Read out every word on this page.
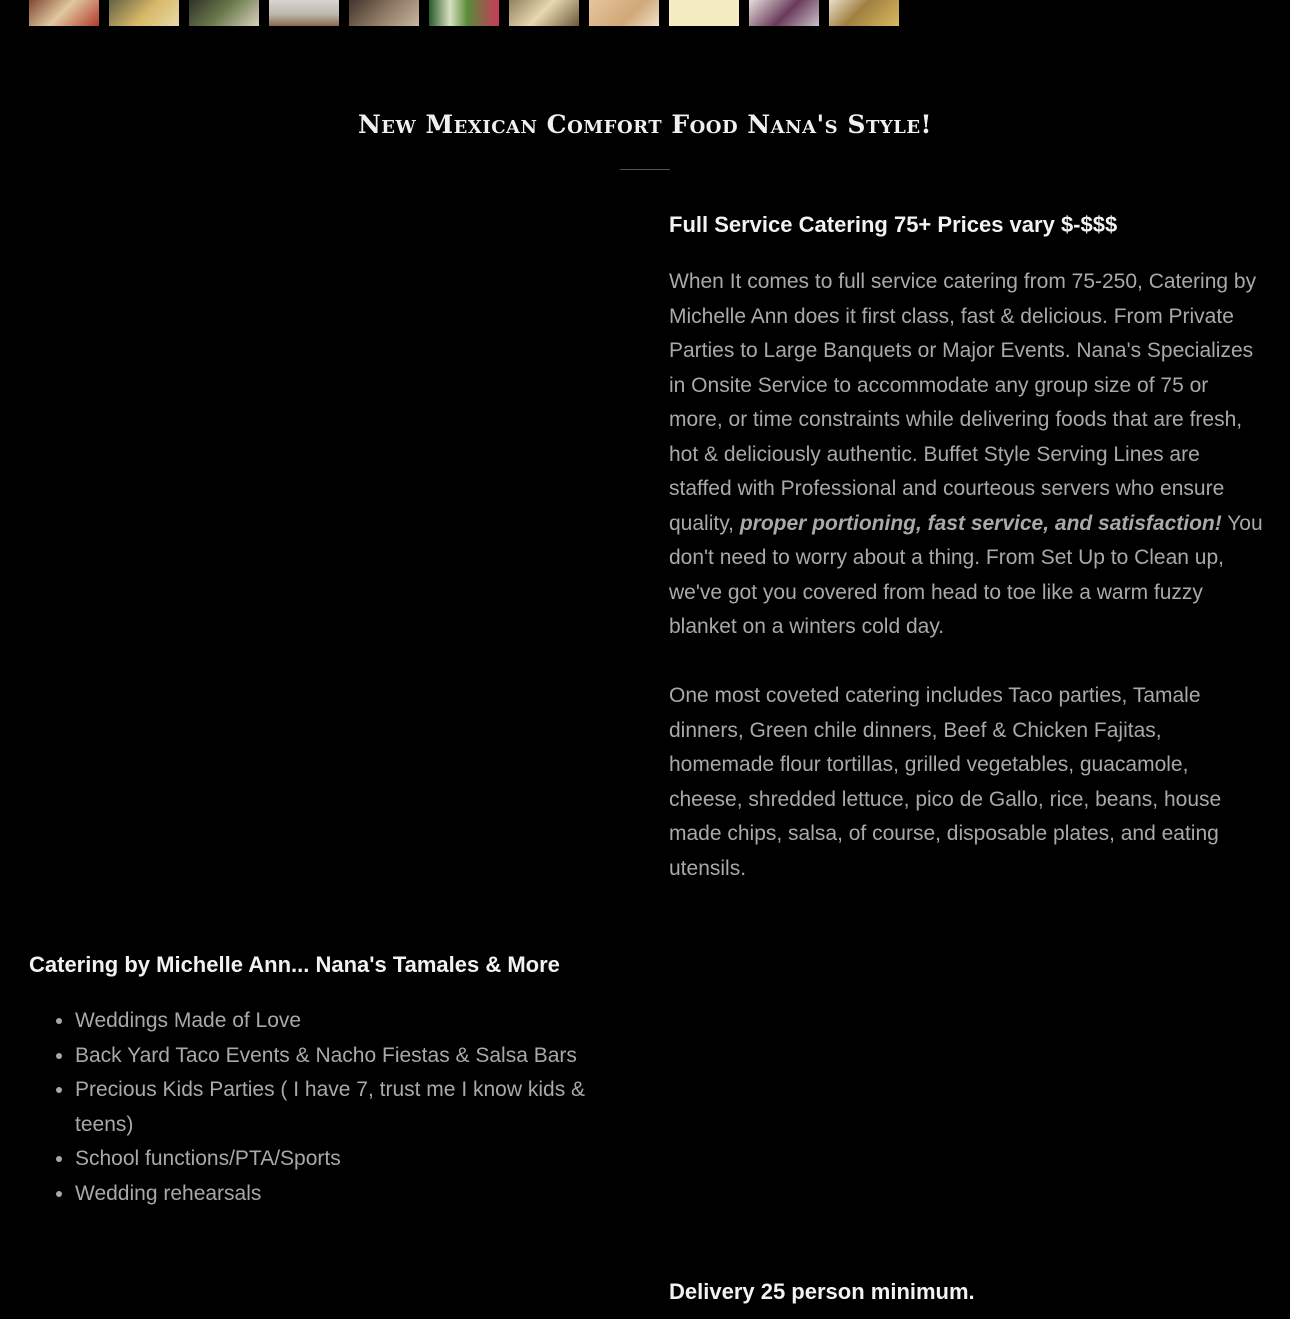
New Mexican Comfort Food Nana's Style!
Full Service Catering 75+ Prices vary $-$$$

When It comes to full service catering from 75-250, Catering by Michelle Ann does it first class, fast & delicious. From Private Parties to Large Banquets or Major Events. Nana's Specializes in Onsite Service to accommodate any group size of 75 or more, or time constraints while delivering foods that are fresh, hot & deliciously authentic. Buffet Style Serving Lines are staffed with Professional and courteous servers who ensure quality, proper portioning, fast service, and satisfaction! You don't need to worry about a thing. From Set Up to Clean up, we've got you covered from head to toe like a warm fuzzy blanket on a winters cold day.

One most coveted catering includes Taco parties, Tamale dinners, Green chile dinners, Beef & Chicken Fajitas, homemade flour tortillas, grilled vegetables, guacamole, cheese, shredded lettuce, pico de Gallo, rice, beans, house made chips, salsa, of course, disposable plates, and eating utensils.

Catering by Michelle Ann... Nana's Tamales & More
• Weddings Made of Love
• Back Yard Taco Events & Nacho Fiestas & Salsa Bars
• Precious Kids Parties ( I have 7, trust me I know kids & teens)
• School functions/PTA/Sports
• Wedding rehearsals
Delivery 25 person minimum.
